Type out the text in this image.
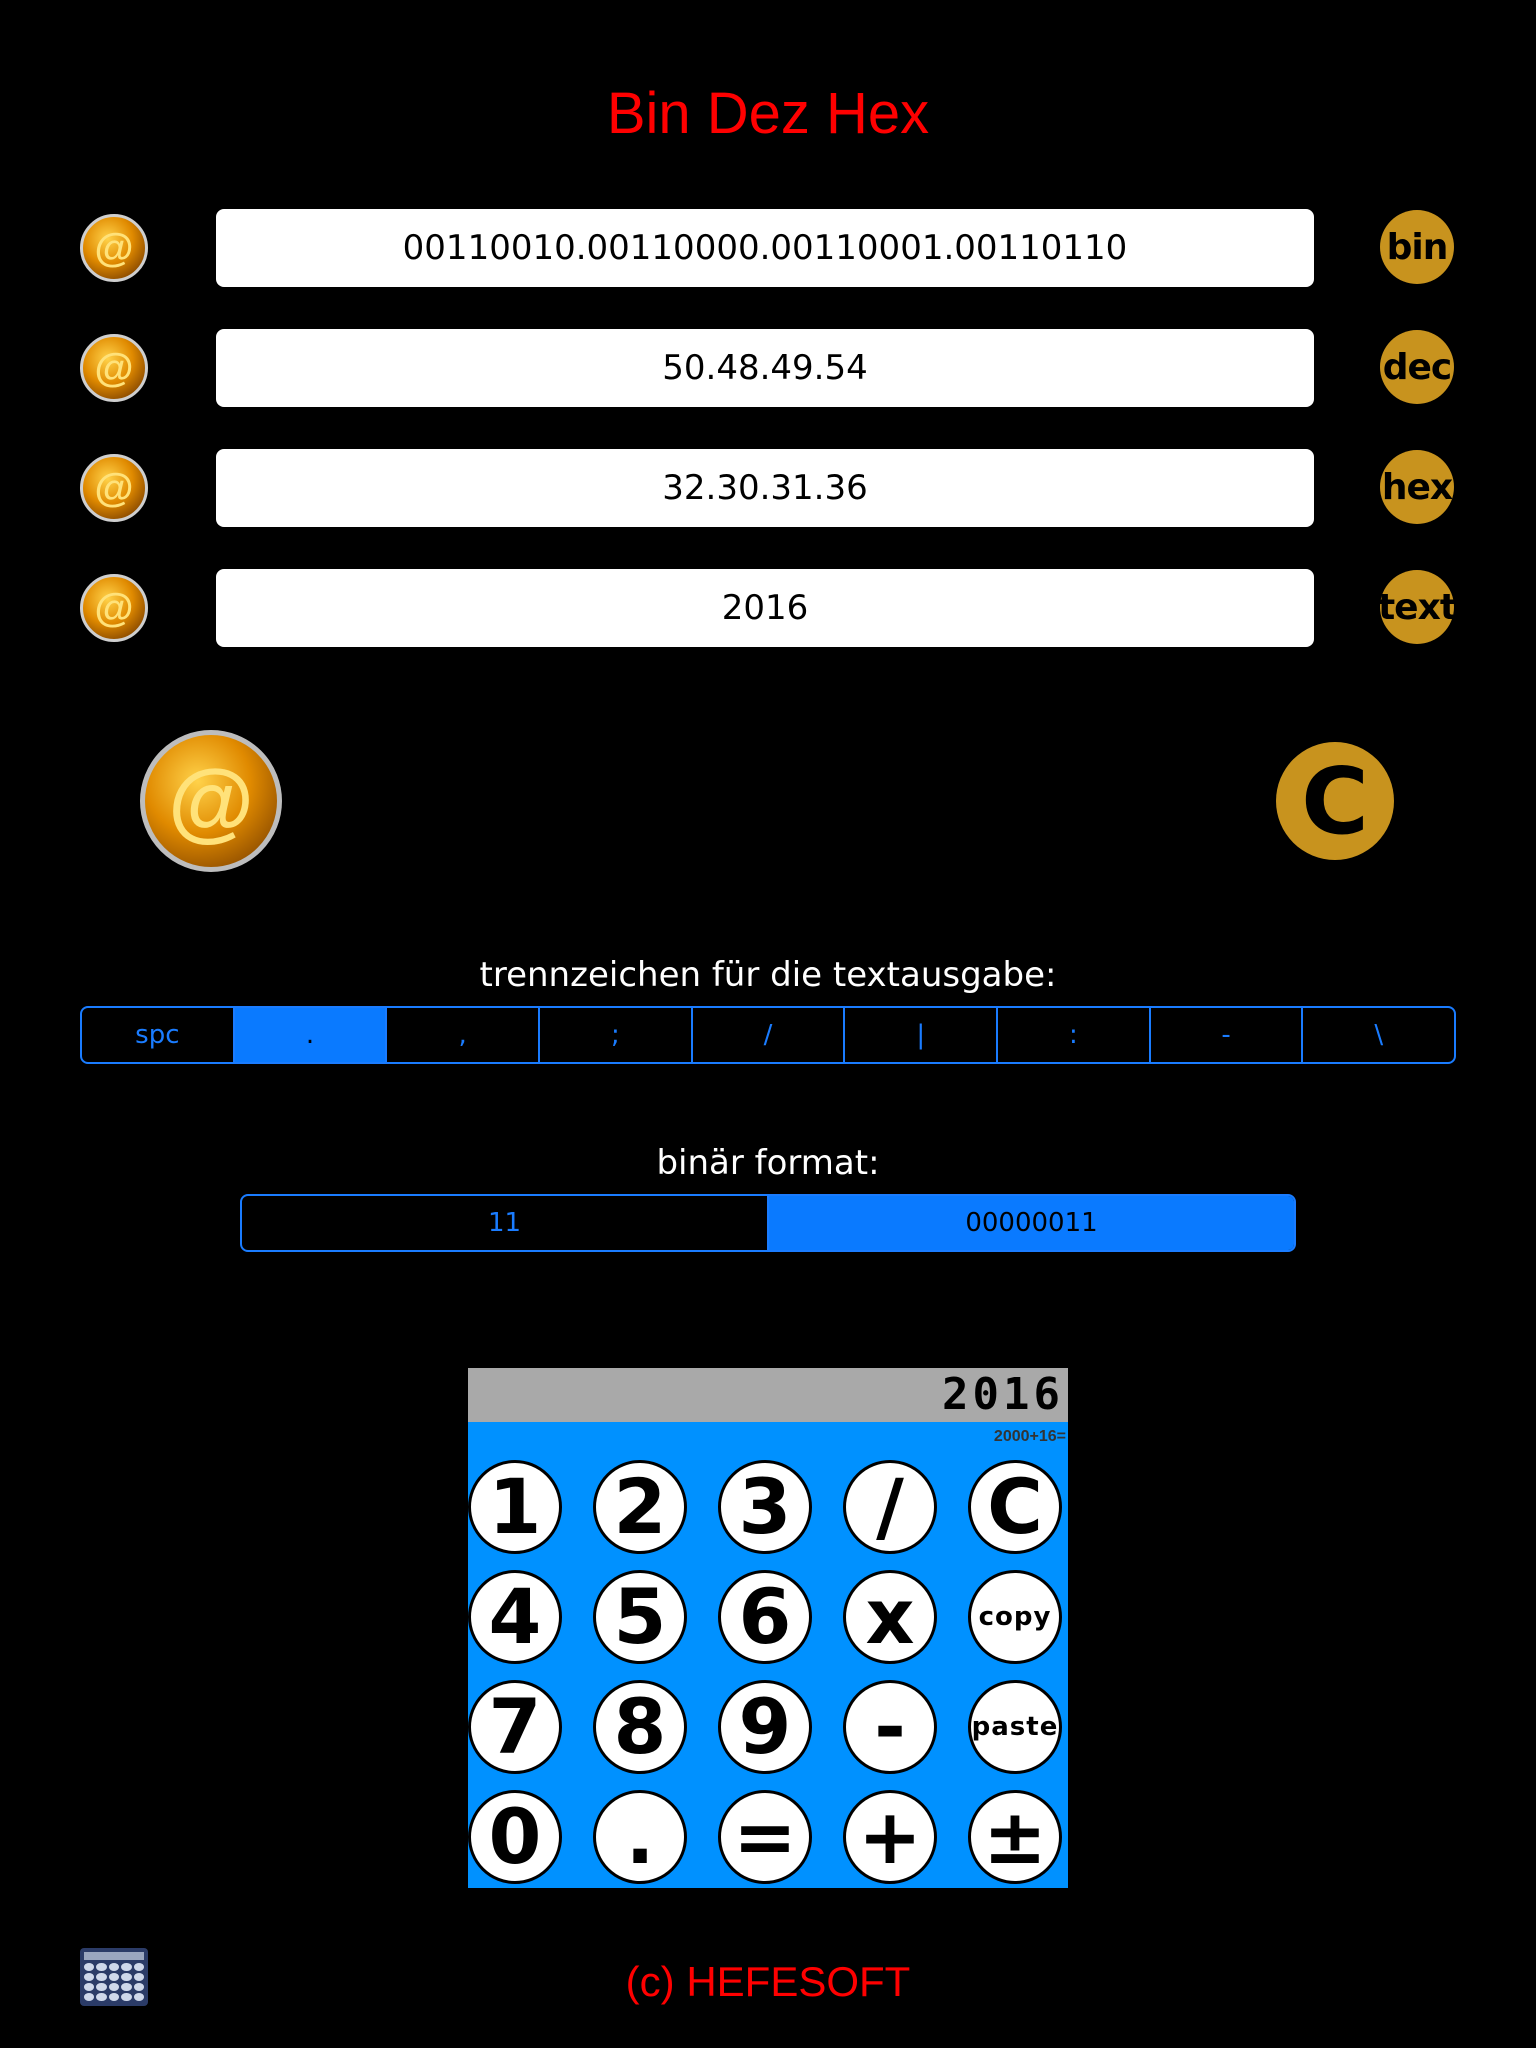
Bin Dez Hex
@	00110010.00110000.00110001.00110110	bin
@	50.48.49.54	dec
@	32.30.31.36	hex
@	2016	text
@	C
trennzeichen für die textausgabe:
spc	.	,	;	/	|	:	-	\
binär format:
11	00000011
2016
2000+16=
1 2 3	/	C
4 5 6 x	copy
7 8 9	-	paste
0	.	= + ±
(c) HEFESOFT
